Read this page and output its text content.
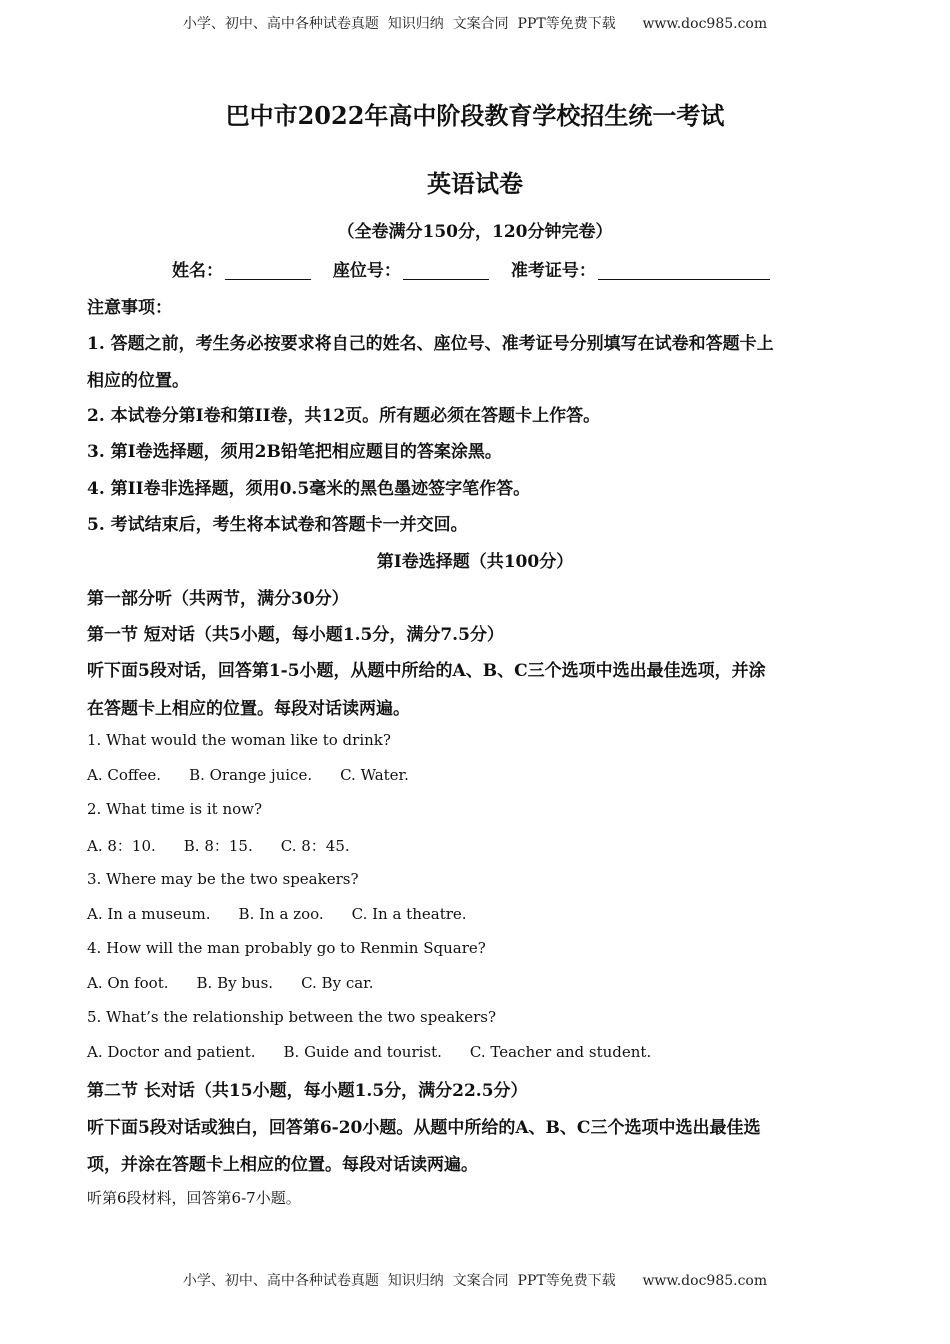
小学、初中、高中各种试卷真题  知识归纳  文案合同  PPT等免费下载      www.doc985.com
巴中市2022年高中阶段教育学校招生统一考试
英语试卷
（全卷满分150分，120分钟完卷）
姓名：	座位号：	准考证号：
注意事项：
1. 答题之前，考生务必按要求将自己的姓名、座位号、准考证号分别填写在试卷和答题卡上
相应的位置。
2. 本试卷分第I卷和第II卷，共12页。所有题必须在答题卡上作答。
3. 第I卷选择题，须用2B铅笔把相应题目的答案涂黑。
4. 第II卷非选择题，须用0.5毫米的黑色墨迹签字笔作答。
5. 考试结束后，考生将本试卷和答题卡一并交回。
第I卷选择题（共100分）
第一部分听（共两节，满分30分）
第一节 短对话（共5小题，每小题1.5分，满分7.5分）
听下面5段对话，回答第1-5小题，从题中所给的A、B、C三个选项中选出最佳选项，并涂
在答题卡上相应的位置。每段对话读两遍。
1. What would the woman like to drink?
A. Coffee. B. Orange juice. C. Water.
2. What time is it now?
A. 8：10. B. 8：15. C. 8：45.
3. Where may be the two speakers?
A. In a museum. B. In a zoo. C. In a theatre.
4. How will the man probably go to Renmin Square?
A. On foot. B. By bus. C. By car.
5. What’s the relationship between the two speakers?
A. Doctor and patient. B. Guide and tourist. C. Teacher and student.
第二节 长对话（共15小题，每小题1.5分，满分22.5分）
听下面5段对话或独白，回答第6-20小题。从题中所给的A、B、C三个选项中选出最佳选
项，并涂在答题卡上相应的位置。每段对话读两遍。
听第6段材料，回答第6-7小题。
小学、初中、高中各种试卷真题  知识归纳  文案合同  PPT等免费下载      www.doc985.com
